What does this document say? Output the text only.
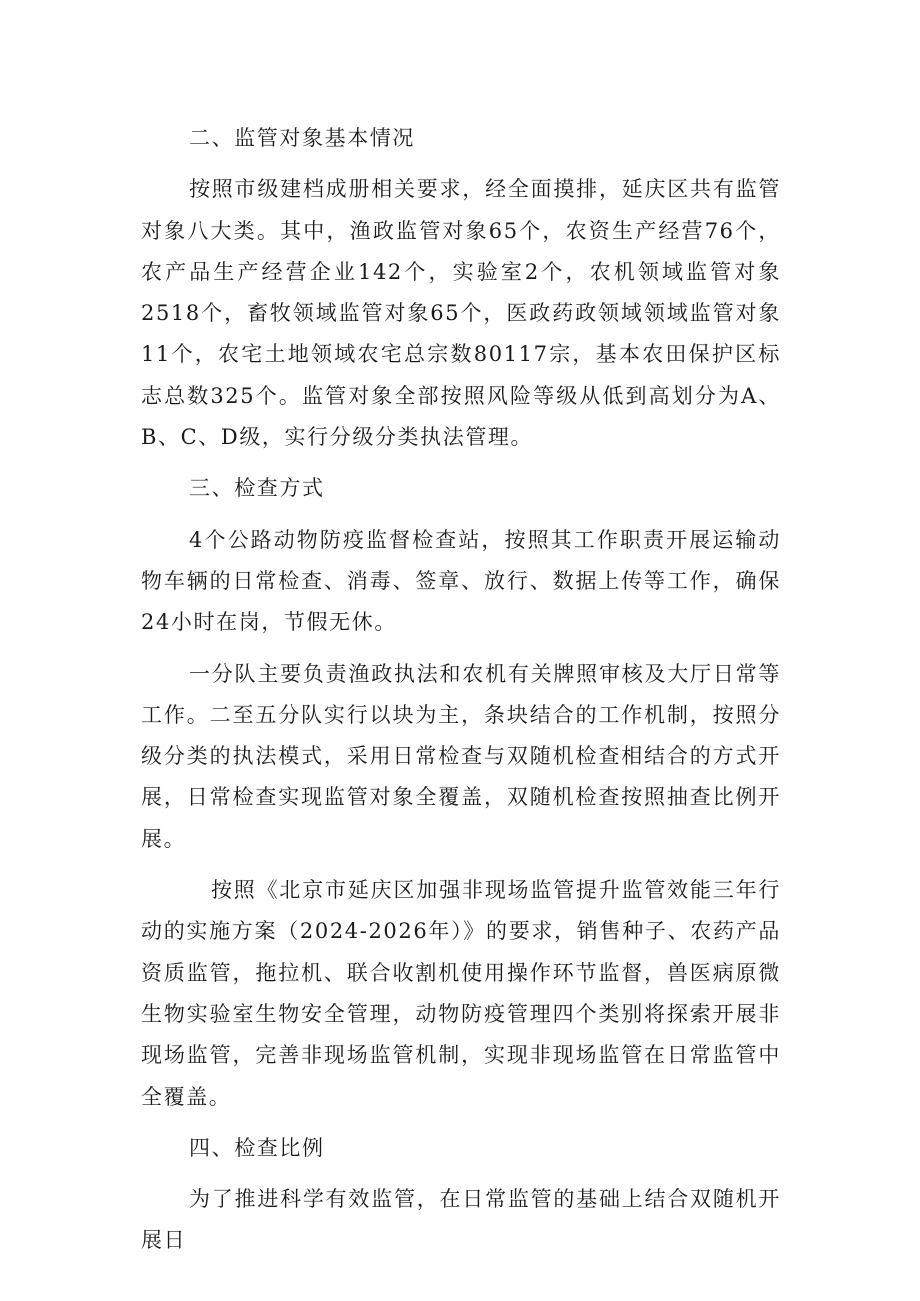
二、监管对象基本情况

按照市级建档成册相关要求，经全面摸排，延庆区共有监管对象八大类。其中，渔政监管对象65个，农资生产经营76个，农产品生产经营企业142个，实验室2个，农机领域监管对象2518个，畜牧领域监管对象65个，医政药政领域领域监管对象11个，农宅土地领域农宅总宗数80117宗，基本农田保护区标志总数325个。监管对象全部按照风险等级从低到高划分为A、B、C、D级，实行分级分类执法管理。

三、检查方式

4个公路动物防疫监督检查站，按照其工作职责开展运输动物车辆的日常检查、消毒、签章、放行、数据上传等工作，确保24小时在岗，节假无休。

一分队主要负责渔政执法和农机有关牌照审核及大厅日常等工作。二至五分队实行以块为主，条块结合的工作机制，按照分级分类的执法模式，采用日常检查与双随机检查相结合的方式开展，日常检查实现监管对象全覆盖，双随机检查按照抽查比例开展。

按照《北京市延庆区加强非现场监管提升监管效能三年行动的实施方案（2024-2026年）》的要求，销售种子、农药产品资质监管，拖拉机、联合收割机使用操作环节监督，兽医病原微生物实验室生物安全管理，动物防疫管理四个类别将探索开展非现场监管，完善非现场监管机制，实现非现场监管在日常监管中全覆盖。

四、检查比例

为了推进科学有效监管，在日常监管的基础上结合双随机开展日
